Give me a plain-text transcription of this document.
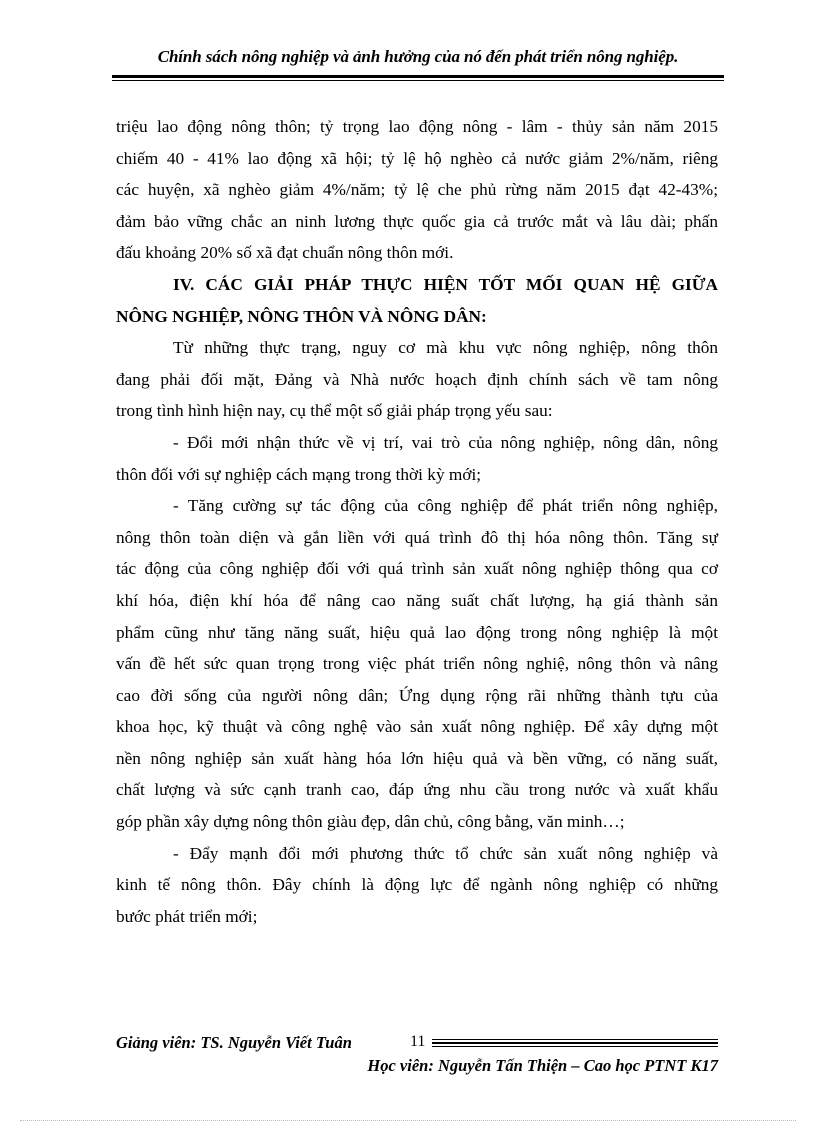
Chính sách nông nghiệp và ảnh hưởng của nó đến phát triển nông nghiệp.

triệu lao động nông thôn; tỷ trọng lao động nông - lâm - thủy sản năm 2015

chiếm 40 - 41% lao động xã hội; tỷ lệ hộ nghèo cả nước giảm 2%/năm, riêng

các huyện, xã nghèo giảm 4%/năm; tỷ lệ che phủ rừng năm 2015 đạt 42-43%;

đảm bảo vững chắc an ninh lương thực quốc gia cả trước mắt và lâu dài; phấn

đấu khoảng 20% số xã đạt chuẩn nông thôn mới.

IV. CÁC GIẢI PHÁP THỰC HIỆN TỐT MỐI QUAN HỆ GIỮA

NÔNG NGHIỆP, NÔNG THÔN VÀ NÔNG DÂN:

Từ những thực trạng, nguy cơ mà khu vực nông nghiệp, nông thôn

đang phải đối mặt, Đảng và Nhà nước hoạch định chính sách về tam nông

trong tình hình hiện nay, cụ thể một số giải pháp trọng yếu sau:

- Đổi mới nhận thức về vị trí, vai trò của nông nghiệp, nông dân, nông

thôn đối với sự nghiệp cách mạng trong thời kỳ mới;

- Tăng cường sự tác động của công nghiệp để phát triển nông nghiệp,

nông thôn toàn diện và gắn liền với quá trình đô thị hóa nông thôn. Tăng sự

tác động của công nghiệp đối với quá trình sản xuất nông nghiệp thông qua cơ

khí hóa, điện khí hóa để nâng cao năng suất chất lượng, hạ giá thành sản

phẩm cũng như tăng năng suất, hiệu quả lao động trong nông nghiệp là một

vấn đề hết sức quan trọng trong việc phát triển nông nghiệ, nông thôn và nâng

cao đời sống của người nông dân; Ứng dụng rộng rãi những thành tựu của

khoa học, kỹ thuật và công nghệ vào sản xuất nông nghiệp. Để xây dựng một

nền nông nghiệp sản xuất hàng hóa lớn hiệu quả và bền vững, có năng suất,

chất lượng và sức cạnh tranh cao, đáp ứng nhu cầu trong nước và xuất khẩu

góp phần xây dựng nông thôn giàu đẹp, dân chủ, công bằng, văn minh…;

- Đẩy mạnh đổi mới phương thức tổ chức sản xuất nông nghiệp và

kinh tế nông thôn. Đây chính là động lực để ngành nông nghiệp có những

bước phát triển mới;

Giảng viên: TS. Nguyễn Viết Tuân	11
Học viên: Nguyễn Tấn Thiện – Cao học PTNT K17
